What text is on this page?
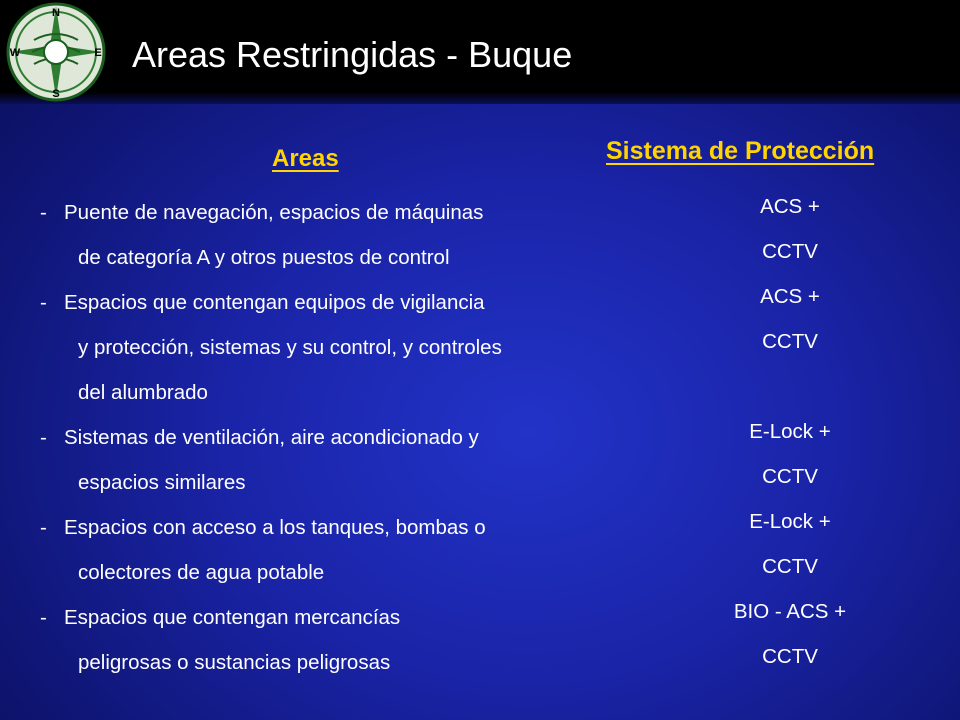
N
S
E
W	Areas Restringidas - Buque
Areas	Sistema de Protección
- Puente de navegación, espacios de máquinas
de categoría A y otros puestos de control
- Espacios que contengan equipos de vigilancia
y protección, sistemas y su control, y controles
del alumbrado
- Sistemas de ventilación, aire acondicionado y
espacios similares
- Espacios con acceso a los tanques, bombas o
colectores de agua potable
- Espacios que contengan mercancías
peligrosas o sustancias peligrosas
ACS +
CCTV
ACS +
CCTV
E-Lock +
CCTV
E-Lock +
CCTV
BIO - ACS +
CCTV
